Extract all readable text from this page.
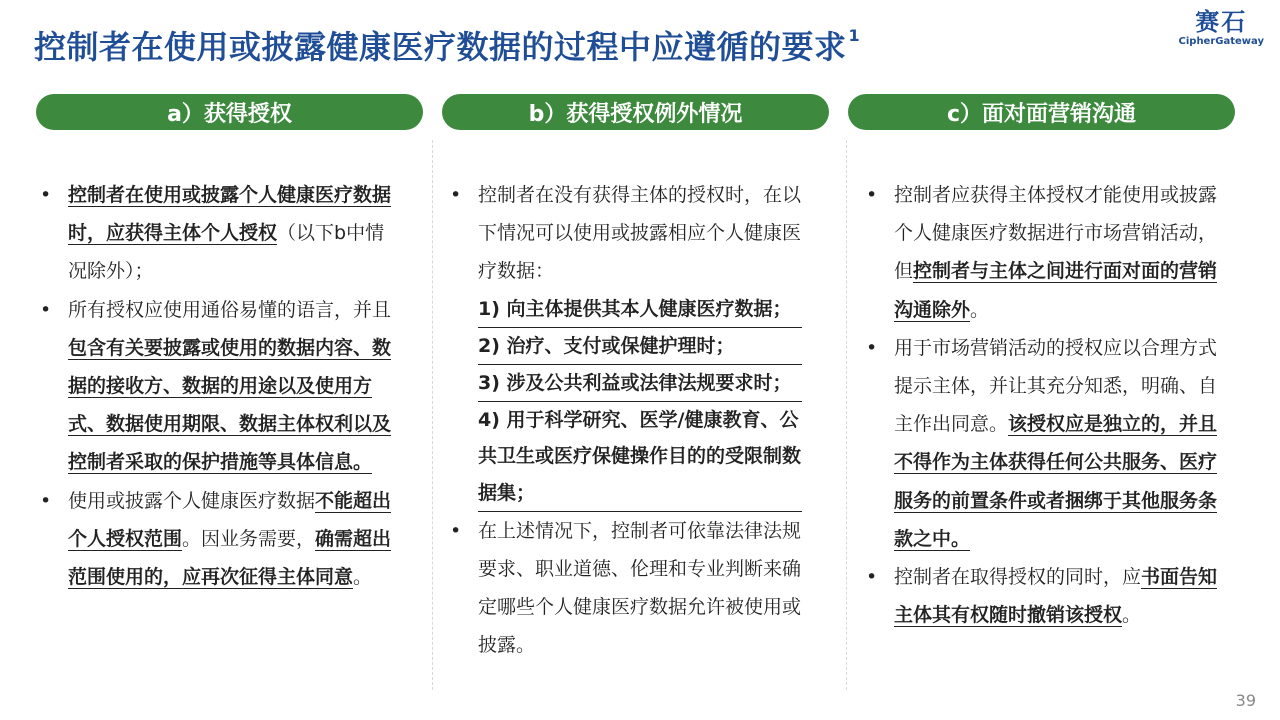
控制者在使用或披露健康医疗数据的过程中应遵循的要求 $^1$	赛石
CipherGateway
a）获得授权	b）获得授权例外情况	c）面对面营销沟通
• 控制者在使用或披露个人健康医疗数据时，应获得主体个人授权（以下b中情况除外）；
• 所有授权应使用通俗易懂的语言，并且包含有关要披露或使用的数据内容、数据的接收方、数据的用途以及使用方式、数据使用期限、数据主体权利以及控制者采取的保护措施等具体信息。
• 使用或披露个人健康医疗数据不能超出个人授权范围。因业务需要，确需超出范围使用的，应再次征得主体同意。
• 控制者在没有获得主体的授权时，在以下情况可以使用或披露相应个人健康医疗数据：
1) 向主体提供其本人健康医疗数据；
2) 治疗、支付或保健护理时；
3) 涉及公共利益或法律法规要求时；
4) 用于科学研究、医学/健康教育、公共卫生或医疗保健操作目的的受限制数据集；
• 在上述情况下，控制者可依靠法律法规要求、职业道德、伦理和专业判断来确定哪些个人健康医疗数据允许被使用或披露。
• 控制者应获得主体授权才能使用或披露个人健康医疗数据进行市场营销活动，但控制者与主体之间进行面对面的营销沟通除外。
• 用于市场营销活动的授权应以合理方式提示主体，并让其充分知悉，明确、自主作出同意。该授权应是独立的，并且不得作为主体获得任何公共服务、医疗服务的前置条件或者捆绑于其他服务条款之中。
• 控制者在取得授权的同时，应书面告知主体其有权随时撤销该授权。
39
